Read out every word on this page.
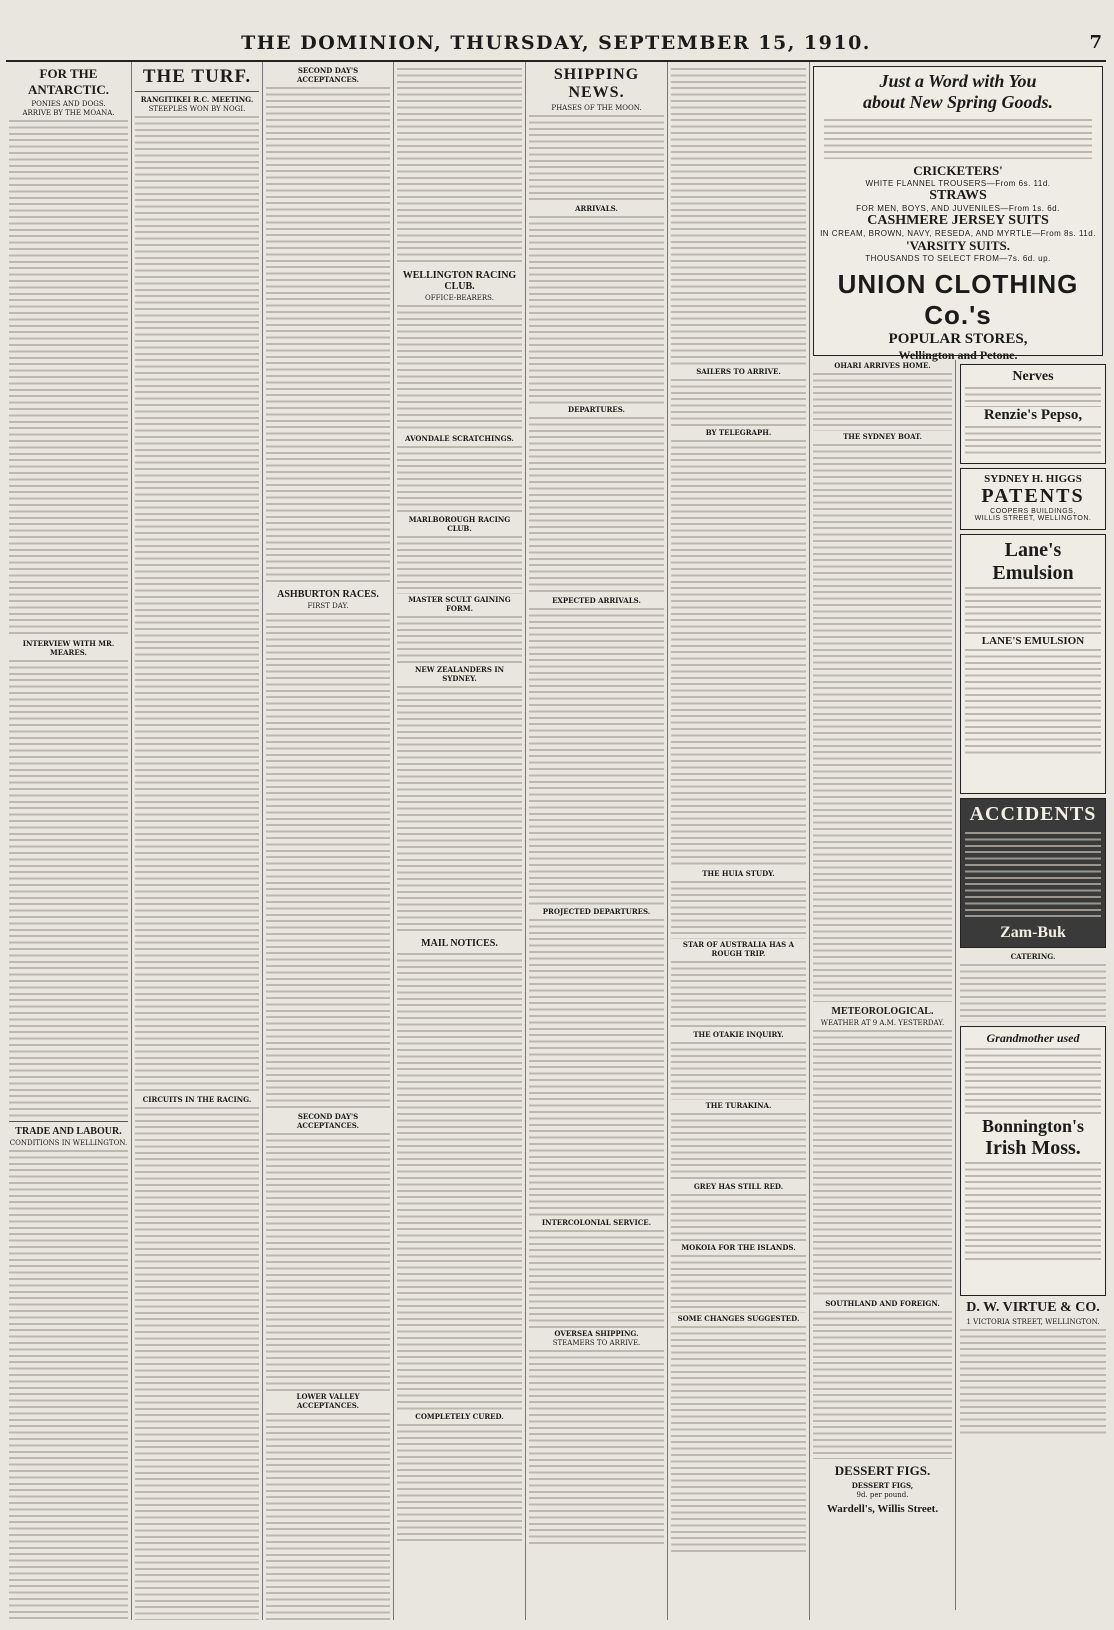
THE DOMINION, THURSDAY, SEPTEMBER 15, 1910.	7
FOR THE ANTARCTIC.
PONIES AND DOGS.
ARRIVE BY THE MOANA.
INTERVIEW WITH MR. MEARES.
TRADE AND LABOUR.
CONDITIONS IN WELLINGTON.
THE TURF.
RANGITIKEI R.C. MEETING.
STEEPLES WON BY NOGI.
CIRCUITS IN THE RACING.
SECOND DAY'S ACCEPTANCES.
ASHBURTON RACES.
FIRST DAY.
SECOND DAY'S ACCEPTANCES.
LOWER VALLEY ACCEPTANCES.
WELLINGTON RACING CLUB.
OFFICE-BEARERS.
AVONDALE SCRATCHINGS.
MARLBOROUGH RACING CLUB.
MASTER SCULT GAINING FORM.
NEW ZEALANDERS IN SYDNEY.
MAIL NOTICES.
COMPLETELY CURED.
SHIPPING NEWS.
PHASES OF THE MOON.
ARRIVALS.
DEPARTURES.
EXPECTED ARRIVALS.
PROJECTED DEPARTURES.
INTERCOLONIAL SERVICE.
OVERSEA SHIPPING.
STEAMERS TO ARRIVE.
SAILERS TO ARRIVE.
BY TELEGRAPH.
THE HUIA STUDY.
STAR OF AUSTRALIA HAS A ROUGH TRIP.
THE OTAKIE INQUIRY.
THE TURAKINA.
GREY HAS STILL RED.
MOKOIA FOR THE ISLANDS.
SOME CHANGES SUGGESTED.
Just a Word with You
about New Spring Goods.
CRICKETERS'
WHITE FLANNEL TROUSERS—From 6s. 11d.
STRAWS
FOR MEN, BOYS, AND JUVENILES—From 1s. 6d.
CASHMERE JERSEY SUITS
IN CREAM, BROWN, NAVY, RESEDA, AND MYRTLE—From 8s. 11d.
'VARSITY SUITS.
THOUSANDS TO SELECT FROM—7s. 6d. up.
UNION CLOTHING Co.'s
POPULAR STORES,
Wellington and Petone.
OHARI ARRIVES HOME.
THE SYDNEY BOAT.
METEOROLOGICAL.
WEATHER AT 9 A.M. YESTERDAY.
SOUTHLAND AND FOREIGN.
DESSERT FIGS.
DESSERT FIGS,
9d. per pound.
Wardell's, Willis Street.
Nerves
Renzie's Pepso,
SYDNEY H. HIGGS
PATENTS
COOPERS BUILDINGS,
WILLIS STREET, WELLINGTON.
Lane's
Emulsion
LANE'S EMULSION
ACCIDENTS
Zam-Buk
CATERING.
Grandmother used
Bonnington's
Irish Moss.
D. W. VIRTUE & CO.
1 VICTORIA STREET, WELLINGTON.
